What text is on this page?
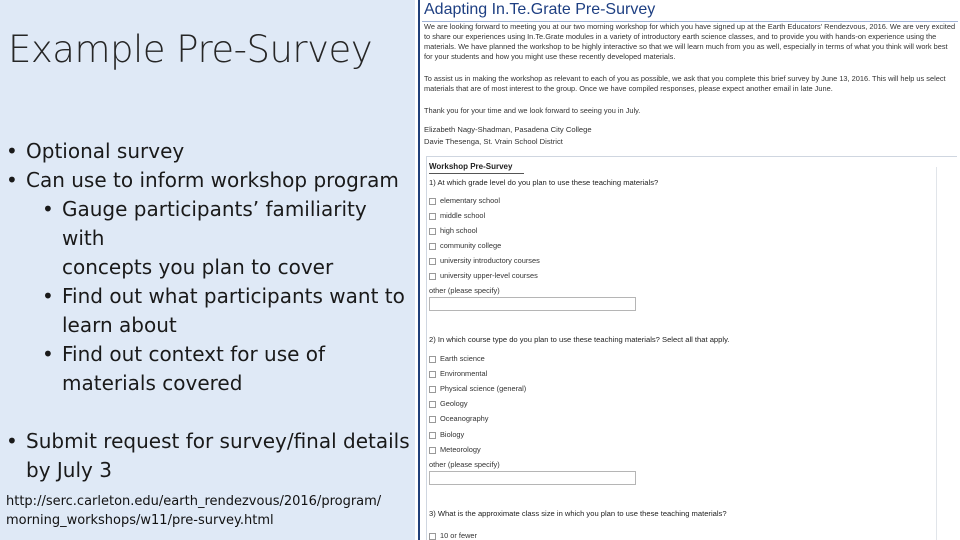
Example Pre-Survey
• Optional survey
• Can use to inform workshop program
• Gauge participants’ familiarity with
concepts you plan to cover
• Find out what participants want to
learn about
• Find out context for use of
materials covered
• Submit request for survey/final details
by July 3
http://serc.carleton.edu/earth_rendezvous/2016/program/
morning_workshops/w11/pre-survey.html
Adapting In.Te.Grate Pre-Survey
We are looking forward to meeting you at our two morning workshop for which you have signed up at the Earth Educators' Rendezvous, 2016. We are very excited to share our experiences using In.Te.Grate modules in a variety of introductory earth science classes, and to provide you with hands-on experience using the materials. We have planned the workshop to be highly interactive so that we will learn much from you as well, especially in terms of what you think will work best for your students and how you might use these recently developed materials.
To assist us in making the workshop as relevant to each of you as possible, we ask that you complete this brief survey by June 13, 2016. This will help us select materials that are of most interest to the group. Once we have compiled responses, please expect another email in late June.
Thank you for your time and we look forward to seeing you in July.
Elizabeth Nagy-Shadman, Pasadena City College
Davie Thesenga, St. Vrain School District
Workshop Pre-Survey
1) At which grade level do you plan to use these teaching materials?
elementary school
middle school
high school
community college
university introductory courses
university upper-level courses
other (please specify)
2) In which course type do you plan to use these teaching materials? Select all that apply.
Earth science
Environmental
Physical science (general)
Geology
Oceanography
Biology
Meteorology
other (please specify)
3) What is the approximate class size in which you plan to use these teaching materials?
10 or fewer
